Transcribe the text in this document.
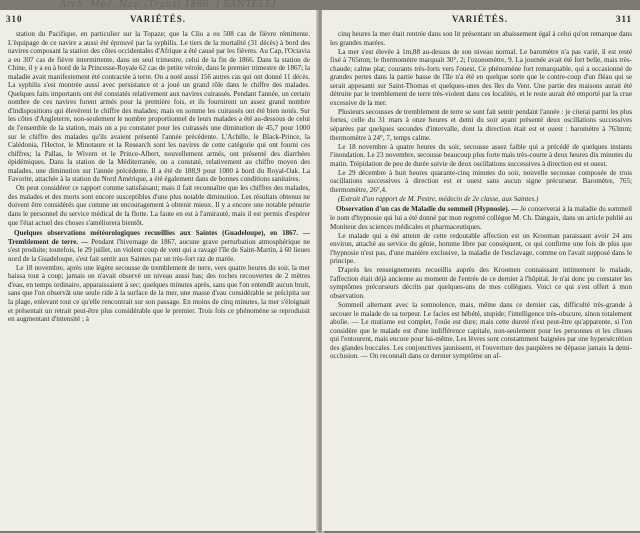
Arch. Méd. Nav. (Trans) 1866, I SANTELLI
310	VARIÉTÉS.

station du Pacifique, en particulier sur la Topaze; que la Clio a eu 508 cas de fièvre rémittente. L'équipage de ce navire a aussi été éprouvé par la syphilis. Le tiers de la mortalité (31 décès) à bord des navires composant la station des côtes occidentales d'Afrique a été causé par les fièvres. Au Cap, l'Octavia a eu 307 cas de fièvre intermittente, dans un seul trimestre, celui de la fin de 1866. Dans la station de Chine, il y a eu à bord de la Princesse-Royale 62 cas de petite vérole, dans le premier trimestre de 1867; la maladie avait manifestement été contractée à terre. On a noté aussi 156 autres cas qui ont donné 11 décès. La syphilis s'est montrée aussi avec persistance et a joué un grand rôle dans le chiffre des malades. Quelques faits importants ont été constatés relativement aux navires cuirassés. Pendant l'année, un certain nombre de ces navires furent armés pour la première fois, et ils fournirent un assez grand nombre d'indispositions qui élevèrent le chiffre des malades; mais en somme les cuirassés ont été bien notés. Sur les côtes d'Angleterre, non-seulement le nombre proportionnel de leurs malades a été au-dessous de celui de l'ensemble de la station, mais on a pu constater pour les cuirassés une diminution de 45,7 pour 1000 sur le chiffre des malades qu'ils avaient présenté l'année précédente. L'Achille, le Black-Prince, la Calédonia, l'Hector, le Minotaure et la Research sont les navires de cette catégorie qui ont fourni ces chiffres; la Pallas, le Wivern et le Prince-Albert, nouvellement armés, ont présenté des diarrhées épidémiques. Dans la station de la Méditerranée, on a constaté, relativement au chiffre moyen des malades, une diminution sur l'année précédente. Il a été de 188,9 pour 1000 à bord du Royal-Oak. La Favorite, attachée à la station du Nord Amérique, a été également dans de bonnes conditions sanitaires.

On peut considérer ce rapport comme satisfaisant; mais il fait reconnaître que les chiffres des malades, des malades et des morts sont encore susceptibles d'une plus notable diminution. Les résultats obtenus ne doivent être considérés que comme un encouragement à obtenir mieux. Il y a encore une notable pénurie dans le personnel du service médical de la flotte. La faute en est à l'amirauté, mais il est permis d'espérer que l'état actuel des choses s'améliorera bientôt.

Quelques observations météorologiques recueillies aux Saintes (Guadeloupe), en 1867. — Tremblement de terre. — Pendant l'hivernage de 1867, aucune grave perturbation atmosphérique ne s'est produite; toutefois, le 29 juillet, un violent coup de vent qui a ravagé l'île de Saint-Martin, à 60 lieues nord de la Guadeloupe, s'est fait sentir aux Saintes par un très-fort raz de marée.

Le 18 novembre, après une légère secousse de tremblement de terre, vers quatre heures du soir, la mer baissa tout à coup; jamais on n'avait observé un niveau aussi bas; des roches recouvertes de 2 mètres d'eau, en temps ordinaire, apparaissaient à sec; quelques minutes après, sans que l'on entendît aucun bruit, sans que l'on observât une seule ride à la surface de la mer, une masse d'eau considérable se précipita sur la plage, enlevant tout ce qu'elle rencontrait sur son passage. En moins de cinq minutes, la mer s'éloignait et présentait un retrait peut-être plus considérable que le premier. Trois fois ce phénomène se reproduisit en augmentant d'intensité ; à

VARIÉTÉS.	311

cinq heures la mer était rentrée dans son lit présentant un abaissement égal à celui qu'on remarque dans les grandes marées.

La mer s'est élevée à 1m,88 au-dessus de son niveau normal. Le baromètre n'a pas varié, il est resté fixé à 765mm; le thermomètre marquait 30°, 2; l'ozonomètre, 9. La journée avait été fort belle, mais très-chaude; calme plat; courants très-forts vers l'ouest. Ce phénomène fort remarquable, qui a occasionné de grandes pertes dans la partie basse de l'île n'a été en quelque sorte que le contre-coup d'un fléau qui se serait appesanti sur Saint-Thomas et quelques-unes des îles du Vent. Une partie des maisons aurait été détruite par le tremblement de terre très-violent dans ces localités, et le reste aurait été emporté par la crue excessive de la mer.

Plusieurs secousses de tremblement de terre se sont fait sentir pendant l'année : je citerai parmi les plus fortes, celle du 31 mars à onze heures et demi du soir ayant présenté deux oscillations successives séparées par quelques secondes d'intervalle, dont la direction était est et ouest : baromètre à 763mm; thermomètre à 24°, 7, temps calme.

Le 18 novembre à quatre heures du soir, secousse assez faible qui a précédé de quelques instants l'inondation. Le 23 novembre, secousse beaucoup plus forte mais très-courte à deux heures dix minutes du matin. Trépidation de peu de durée suivie de deux oscillations successives à direction est et ouest.

Le 29 décembre à huit heures quarante-cinq minutes du soir, nouvelle secousse composée de trois oscillations successives à direction est et ouest sans aucun signe précurseur. Baromètre, 765; thermomètre, 26°,4.

(Extrait d'un rapport de M. Pestre, médecin de 2e classe, aux Saintes.)

Observation d'un cas de Maladie du sommeil (Hypnosie). — Je conserverai à la maladie du sommeil le nom d'hypnosie qui lui a été donné par mon regretté collègue M. Ch. Dangaix, dans un article publié au Moniteur des sciences médicales et pharmaceutiques.

Le malade qui a été atteint de cette redoutable affection est un Krooman paraissant avoir 24 ans environ, attaché au service du génie, homme libre par conséquent, ce qui confirme une fois de plus que l'hypnosie n'est pas, d'une manière exclusive, la maladie de l'esclavage, comme on l'avait supposé dans le principe.

D'après les renseignements recueillis auprès des Kroomen connaissant intimement le malade, l'affection était déjà ancienne au moment de l'entrée de ce dernier à l'hôpital. Je n'ai donc pu constater les symptômes précurseurs décrits par quelques-uns de mes collègues. Voici ce qui s'est offert à mon observation.

Sommeil alternant avec la somnolence, mais, même dans ce dernier cas, difficulté très-grande à secouer le malade de sa torpeur. Le facies est hébété, stupide; l'intelligence très-obscure, sinon totalement abolie. — Le mutisme est complet, l'ouïe est dure; mais cette dureté n'est peut-être qu'apparente, si l'on considère que le malade est d'une indifférence capitale, non-seulement pour les personnes et les choses qui l'entourent, mais encore pour lui-même. Les lèvres sont constamment baignées par une hypersécrétion des glandes buccales. Les conjonctives jaunissent, et l'ouverture des paupières ne dépasse jamais la demi-occlusion. — On reconnaît dans ce dernier symptôme un af-
